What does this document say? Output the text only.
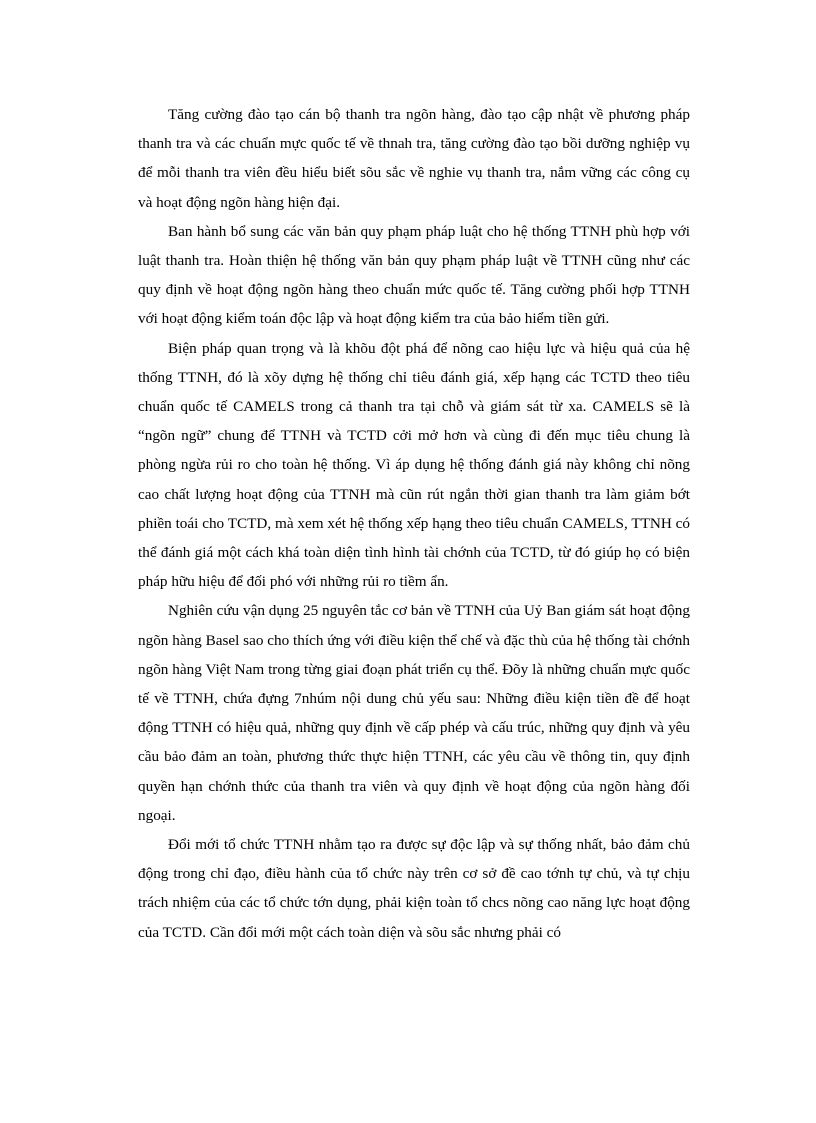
Tăng cường đào tạo cán bộ thanh tra ngõn hàng, đào tạo cập nhật về phương pháp thanh tra và các chuẩn mực quốc tế về thnah tra, tăng cường đào tạo bồi dưỡng nghiệp vụ để mỗi thanh tra viên đều hiểu biết sõu sắc về nghie vụ thanh tra, nắm vững các công cụ và hoạt động ngõn hàng hiện đại.

Ban hành bổ sung các văn bản quy phạm pháp luật cho hệ thống TTNH phù hợp với luật thanh tra. Hoàn thiện hệ thống văn bản quy phạm pháp luật về TTNH cũng như các quy định về hoạt động ngõn hàng theo chuẩn mức quốc tế. Tăng cường phối hợp TTNH với hoạt động kiểm toán độc lập và hoạt động kiểm tra của bảo hiểm tiền gửi.

Biện pháp quan trọng và là khõu đột phá để nõng cao hiệu lực và hiệu quả của hệ thống TTNH, đó là xõy dựng hệ thống chỉ tiêu đánh giá, xếp hạng các TCTD theo tiêu chuẩn quốc tế CAMELS trong cả thanh tra tại chỗ và giám sát từ xa. CAMELS sẽ là “ngõn ngữ” chung để TTNH và TCTD cởi mở hơn và cùng đi đến mục tiêu chung là phòng ngừa rủi ro cho toàn hệ thống. Vì áp dụng hệ thống đánh giá này không chỉ nõng cao chất lượng hoạt động của TTNH mà cũn rút ngắn thời gian thanh tra làm giảm bớt phiền toái cho TCTD, mà xem xét hệ thống xếp hạng theo tiêu chuẩn CAMELS, TTNH có thể đánh giá một cách khá toàn diện tình hình tài chớnh của TCTD, từ đó giúp họ có biện pháp hữu hiệu để đối phó với những rủi ro tiềm ẩn.

Nghiên cứu vận dụng 25 nguyên tắc cơ bản về TTNH của Uỷ Ban giám sát hoạt động ngõn hàng Basel sao cho thích ứng với điều kiện thể chế và đặc thù của hệ thống tài chớnh ngõn hàng Việt Nam trong từng giai đoạn phát triển cụ thể. Đõy là những chuẩn mực quốc tế về TTNH, chứa đựng 7nhúm nội dung chủ yếu sau: Những điều kiện tiền đề để hoạt động TTNH có hiệu quả, những quy định về cấp phép và cấu trúc, những quy định và yêu cầu bảo đảm an toàn, phương thức thực hiện TTNH, các yêu cầu về thông tin, quy định quyền hạn chớnh thức của thanh tra viên và quy định về hoạt động của ngõn hàng đối ngoại.

Đổi mới tổ chức TTNH nhằm tạo ra được sự độc lập và sự thống nhất, bảo đảm chủ động trong chỉ đạo, điều hành của tổ chức này trên cơ sở đề cao tớnh tự chủ, và tự chịu trách nhiệm của các tổ chức tớn dụng, phải kiện toàn tổ chcs nõng cao năng lực hoạt động của TCTD. Cần đổi mới một cách toàn diện và sõu sắc nhưng phải có
